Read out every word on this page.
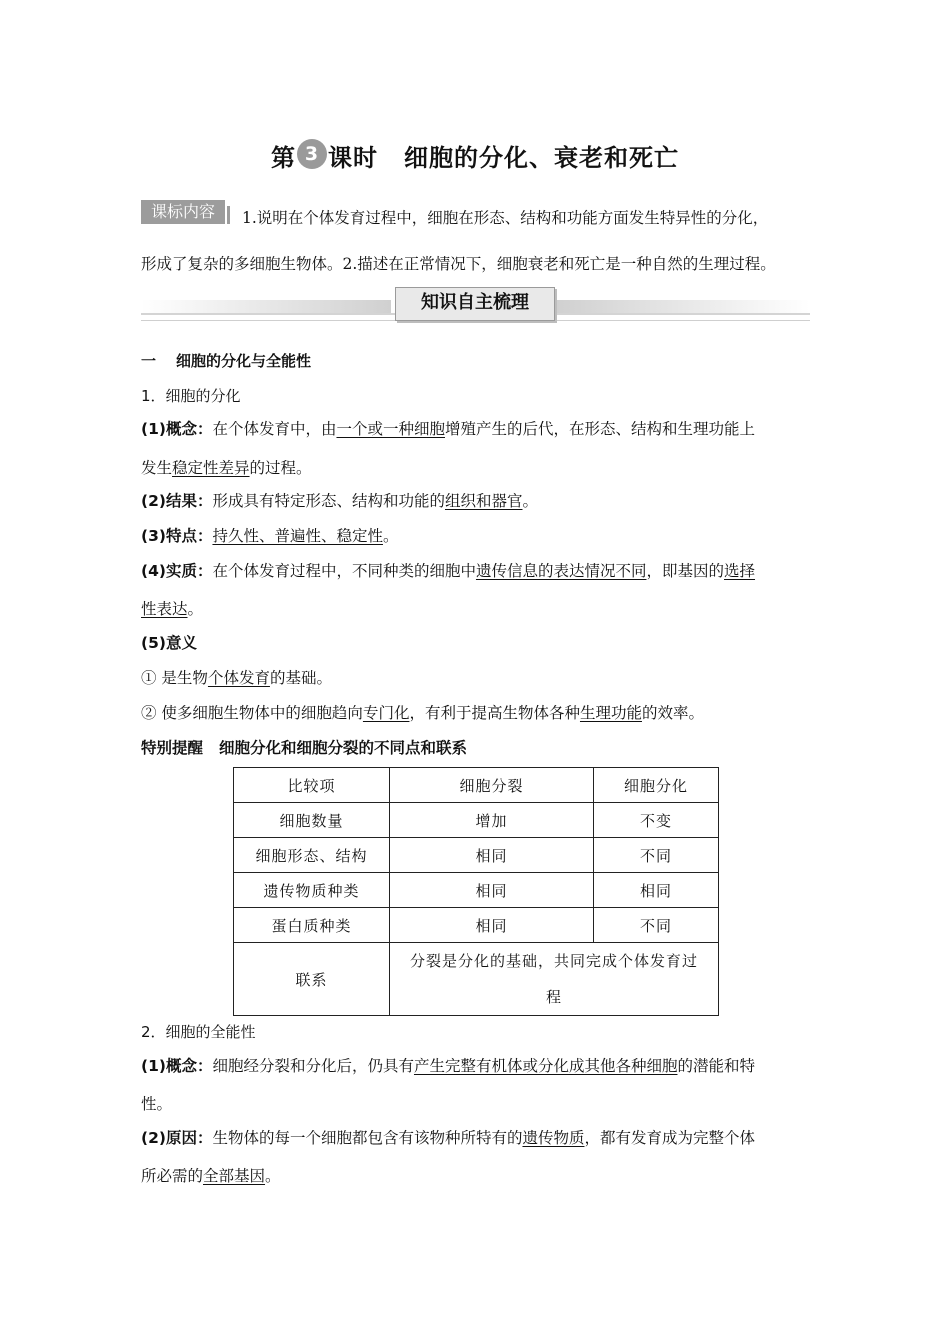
第 3 课时 细胞的分化、衰老和死亡
课标内容	1.说明在个体发育过程中，细胞在形态、结构和功能方面发生特异性的分化，
形成了复杂的多细胞生物体。2.描述在正常情况下，细胞衰老和死亡是一种自然的生理过程。
知识自主梳理
一 细胞的分化与全能性
1．细胞的分化
(1)概念：在个体发育中，由一个或一种细胞增殖产生的后代，在形态、结构和生理功能上
发生稳定性差异的过程。
(2)结果：形成具有特定形态、结构和功能的组织和器官。
(3)特点：持久性、普遍性、稳定性。
(4)实质：在个体发育过程中，不同种类的细胞中遗传信息的表达情况不同，即基因的选择
性表达。
(5)意义
① 是生物个体发育的基础。
② 使多细胞生物体中的细胞趋向专门化，有利于提高生物体各种生理功能的效率。
特别提醒 细胞分化和细胞分裂的不同点和联系
比较项	细胞分裂	细胞分化
细胞数量	增加	不变
细胞形态、结构	相同	不同
遗传物质种类	相同	相同
蛋白质种类	相同	不同
联系	分裂是分化的基础，共同完成个体发育过
程	
2．细胞的全能性
(1)概念：细胞经分裂和分化后，仍具有产生完整有机体或分化成其他各种细胞的潜能和特
性。
(2)原因：生物体的每一个细胞都包含有该物种所特有的遗传物质，都有发育成为完整个体
所必需的全部基因。
